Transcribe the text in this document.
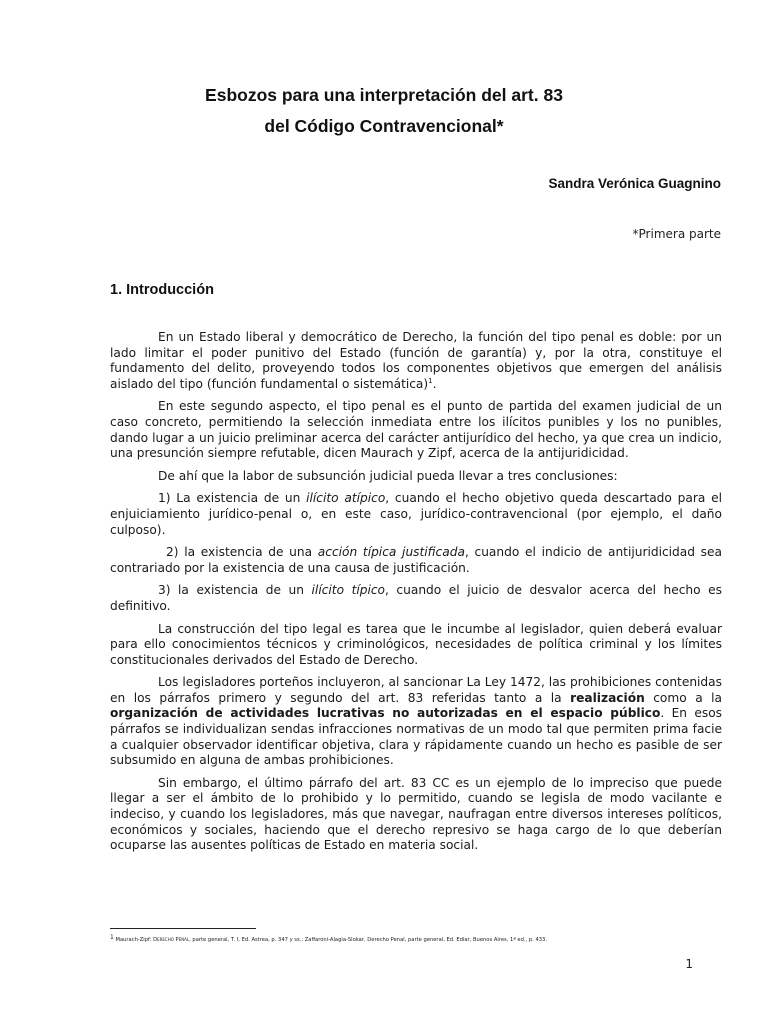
Esbozos para una interpretación del art. 83
del Código Contravencional*
Sandra Verónica Guagnino
*Primera parte
1. Introducción

En un Estado liberal y democrático de Derecho, la función del tipo penal es doble: por un lado limitar el poder punitivo del Estado (función de garantía) y, por la otra, constituye el fundamento del delito, proveyendo todos los componentes objetivos que emergen del análisis aislado del tipo (función fundamental o sistemática)$^1$.

En este segundo aspecto, el tipo penal es el punto de partida del examen judicial de un caso concreto, permitiendo la selección inmediata entre los ilícitos punibles y los no punibles, dando lugar a un juicio preliminar acerca del carácter antijurídico del hecho, ya que crea un indicio, una presunción siempre refutable, dicen Maurach y Zipf, acerca de la antijuridicidad.

De ahí que la labor de subsunción judicial pueda llevar a tres conclusiones:

1) La existencia de un ilícito atípico, cuando el hecho objetivo queda descartado para el enjuiciamiento jurídico-penal o, en este caso, jurídico-contravencional (por ejemplo, el daño culposo).

2) la existencia de una acción típica justificada, cuando el indicio de antijuridicidad sea contrariado por la existencia de una causa de justificación.

3) la existencia de un ilícito típico, cuando el juicio de desvalor acerca del hecho es definitivo.

La construcción del tipo legal es tarea que le incumbe al legislador, quien deberá evaluar para ello conocimientos técnicos y criminológicos, necesidades de política criminal y los límites constitucionales derivados del Estado de Derecho.

Los legisladores porteños incluyeron, al sancionar La Ley 1472, las prohibiciones contenidas en los párrafos primero y segundo del art. 83 referidas tanto a la realización como a la organización de actividades lucrativas no autorizadas en el espacio público. En esos párrafos se individualizan sendas infracciones normativas de un modo tal que permiten prima facie a cualquier observador identificar objetiva, clara y rápidamente cuando un hecho es pasible de ser subsumido en alguna de ambas prohibiciones.

Sin embargo, el último párrafo del art. 83 CC es un ejemplo de lo impreciso que puede llegar a ser el ámbito de lo prohibido y lo permitido, cuando se legisla de modo vacilante e indeciso, y cuando los legisladores, más que navegar, naufragan entre diversos intereses políticos, económicos y sociales, haciendo que el derecho represivo se haga cargo de lo que deberían ocuparse las ausentes políticas de Estado en materia social.

$^1$ Maurach-Zipf: Derecho Penal, parte general, T. I, Ed. Astrea, p. 347 y ss.; Zaffaroni-Alagia-Slokar, Derecho Penal, parte general, Ed. Ediar, Buenos Aires, 1ª ed., p. 433.
1
